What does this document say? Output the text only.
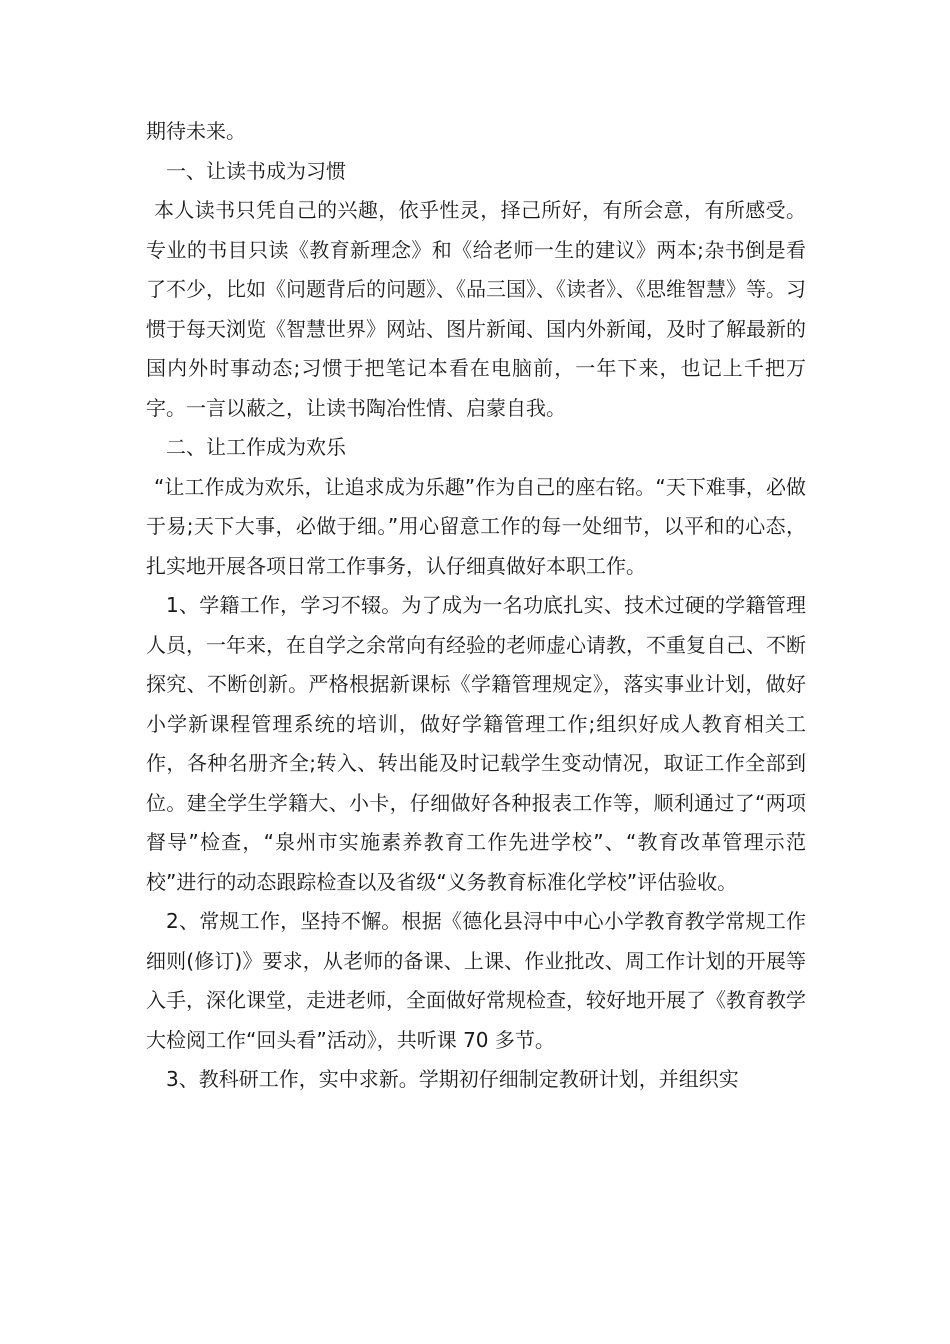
期待未来。

一、让读书成为习惯

本人读书只凭自己的兴趣，依乎性灵，择己所好，有所会意，有所感受。专业的书目只读《教育新理念》和《给老师一生的建议》两本;杂书倒是看了不少，比如《问题背后的问题》、《品三国》、《读者》、《思维智慧》等。习惯于每天浏览《智慧世界》网站、图片新闻、国内外新闻，及时了解最新的国内外时事动态;习惯于把笔记本看在电脑前，一年下来，也记上千把万字。一言以蔽之，让读书陶冶性情、启蒙自我。

二、让工作成为欢乐

“让工作成为欢乐，让追求成为乐趣”作为自己的座右铭。“天下难事，必做于易;天下大事，必做于细。”用心留意工作的每一处细节，以平和的心态，扎实地开展各项日常工作事务，认仔细真做好本职工作。

1、学籍工作，学习不辍。为了成为一名功底扎实、技术过硬的学籍管理人员，一年来，在自学之余常向有经验的老师虚心请教，不重复自己、不断探究、不断创新。严格根据新课标《学籍管理规定》，落实事业计划，做好小学新课程管理系统的培训，做好学籍管理工作;组织好成人教育相关工作，各种名册齐全;转入、转出能及时记载学生变动情况，取证工作全部到位。建全学生学籍大、小卡，仔细做好各种报表工作等，顺利通过了“两项督导”检查，“泉州市实施素养教育工作先进学校”、“教育改革管理示范校”进行的动态跟踪检查以及省级“义务教育标准化学校”评估验收。

2、常规工作，坚持不懈。根据《德化县浔中中心小学教育教学常规工作细则(修订)》要求，从老师的备课、上课、作业批改、周工作计划的开展等入手，深化课堂，走进老师，全面做好常规检查，较好地开展了《教育教学大检阅工作“回头看”活动》，共听课 70 多节。

3、教科研工作，实中求新。学期初仔细制定教研计划，并组织实
